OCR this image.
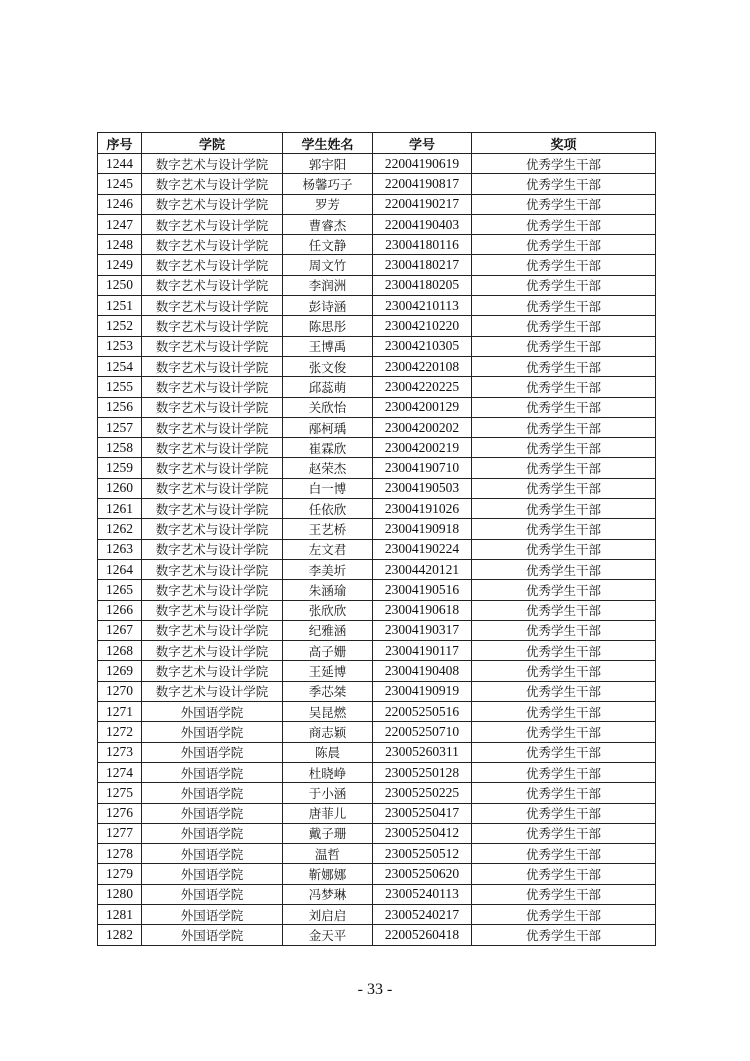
序号	学院	学生姓名	学号	奖项
1244	数字艺术与设计学院	郭宇阳	22004190619	优秀学生干部
1245	数字艺术与设计学院	杨馨巧子	22004190817	优秀学生干部
1246	数字艺术与设计学院	罗芳	22004190217	优秀学生干部
1247	数字艺术与设计学院	曹睿杰	22004190403	优秀学生干部
1248	数字艺术与设计学院	任文静	23004180116	优秀学生干部
1249	数字艺术与设计学院	周文竹	23004180217	优秀学生干部
1250	数字艺术与设计学院	李润洲	23004180205	优秀学生干部
1251	数字艺术与设计学院	彭诗涵	23004210113	优秀学生干部
1252	数字艺术与设计学院	陈思彤	23004210220	优秀学生干部
1253	数字艺术与设计学院	王博禹	23004210305	优秀学生干部
1254	数字艺术与设计学院	张文俊	23004220108	优秀学生干部
1255	数字艺术与设计学院	邱蕊萌	23004220225	优秀学生干部
1256	数字艺术与设计学院	关欣怡	23004200129	优秀学生干部
1257	数字艺术与设计学院	邴柯瑀	23004200202	优秀学生干部
1258	数字艺术与设计学院	崔霖欣	23004200219	优秀学生干部
1259	数字艺术与设计学院	赵荣杰	23004190710	优秀学生干部
1260	数字艺术与设计学院	白一博	23004190503	优秀学生干部
1261	数字艺术与设计学院	任依欣	23004191026	优秀学生干部
1262	数字艺术与设计学院	王艺桥	23004190918	优秀学生干部
1263	数字艺术与设计学院	左文君	23004190224	优秀学生干部
1264	数字艺术与设计学院	李美圻	23004420121	优秀学生干部
1265	数字艺术与设计学院	朱涵瑜	23004190516	优秀学生干部
1266	数字艺术与设计学院	张欣欣	23004190618	优秀学生干部
1267	数字艺术与设计学院	纪雅涵	23004190317	优秀学生干部
1268	数字艺术与设计学院	高子姗	23004190117	优秀学生干部
1269	数字艺术与设计学院	王延博	23004190408	优秀学生干部
1270	数字艺术与设计学院	季芯桀	23004190919	优秀学生干部
1271	外国语学院	吴昆燃	22005250516	优秀学生干部
1272	外国语学院	商志颖	22005250710	优秀学生干部
1273	外国语学院	陈晨	23005260311	优秀学生干部
1274	外国语学院	杜晓峥	23005250128	优秀学生干部
1275	外国语学院	于小涵	23005250225	优秀学生干部
1276	外国语学院	唐菲儿	23005250417	优秀学生干部
1277	外国语学院	戴子珊	23005250412	优秀学生干部
1278	外国语学院	温哲	23005250512	优秀学生干部
1279	外国语学院	靳娜娜	23005250620	优秀学生干部
1280	外国语学院	冯梦琳	23005240113	优秀学生干部
1281	外国语学院	刘启启	23005240217	优秀学生干部
1282	外国语学院	金天平	22005260418	优秀学生干部
- 33 -
